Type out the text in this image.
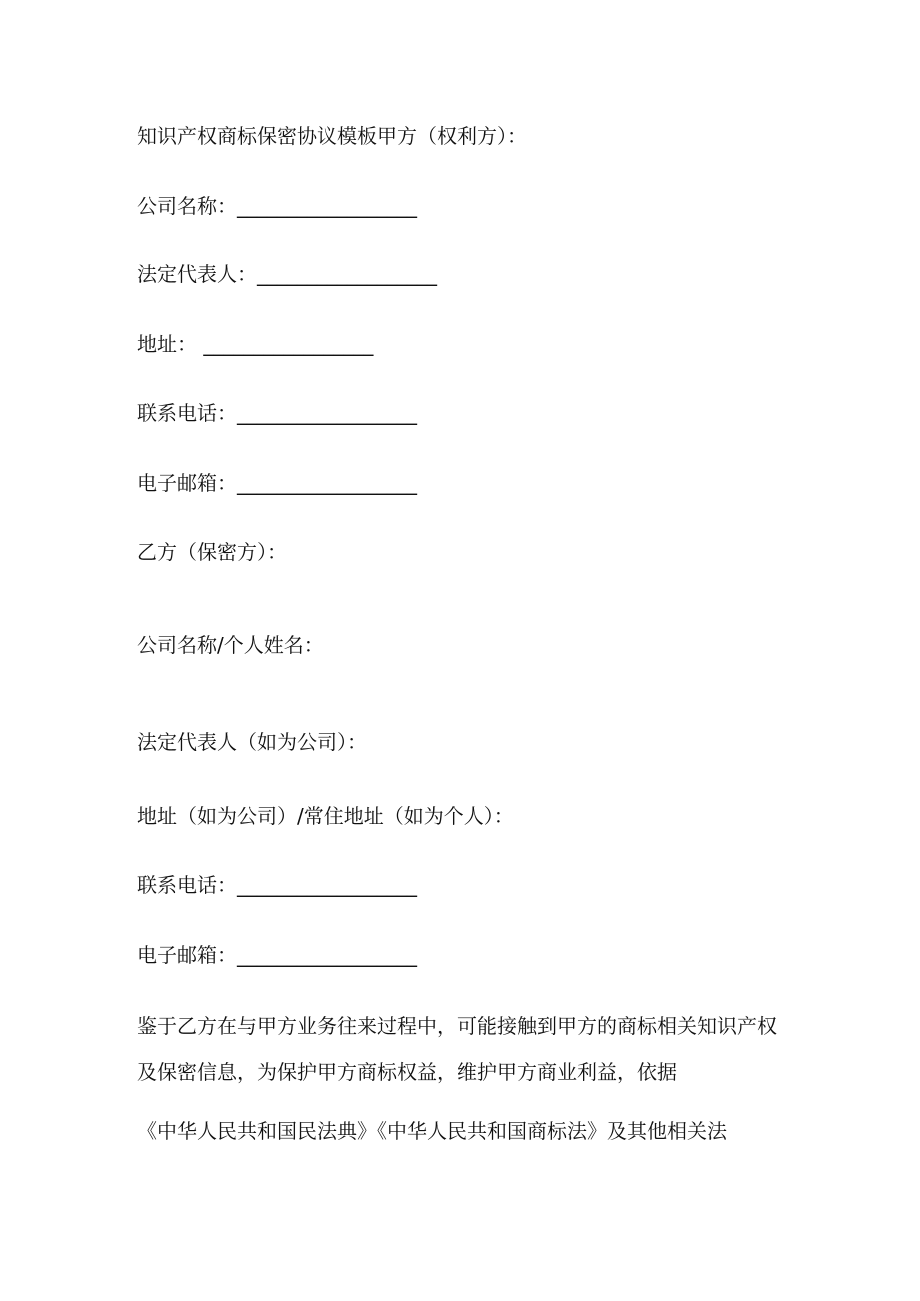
知识产权商标保密协议模板甲方（权利方）：
公司名称：__________________
法定代表人：__________________
地址： _________________
联系电话：__________________
电子邮箱：__________________
乙方（保密方）：
公司名称/个人姓名：
法定代表人（如为公司）：
地址（如为公司）/常住地址（如为个人）：
联系电话：__________________
电子邮箱：__________________
鉴于乙方在与甲方业务往来过程中，可能接触到甲方的商标相关知识产权
及保密信息，为保护甲方商标权益，维护甲方商业利益，依据
《中华人民共和国民法典》《中华人民共和国商标法》及其他相关法
